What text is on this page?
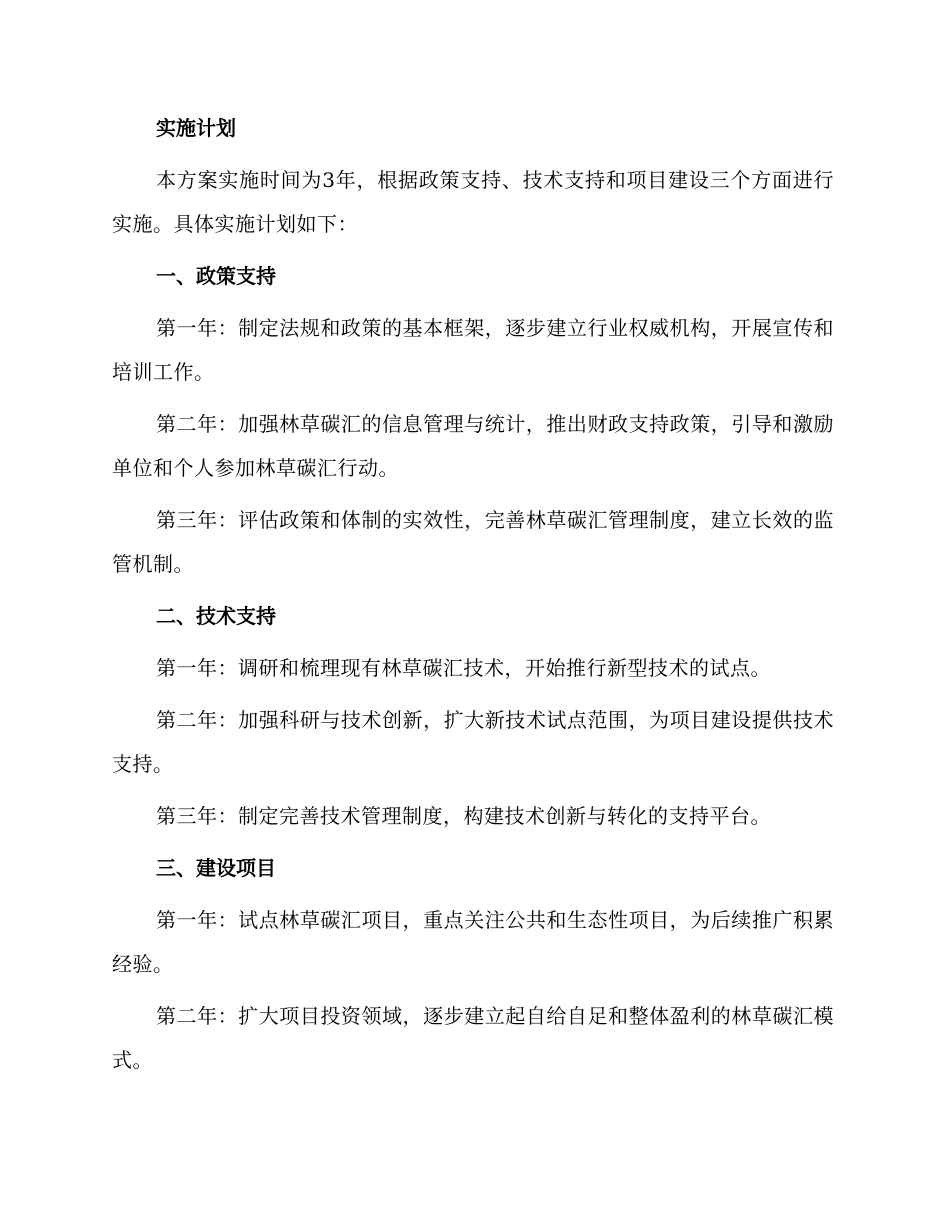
实施计划

本方案实施时间为3年，根据政策支持、技术支持和项目建设三个方面进行实施。具体实施计划如下：

一、政策支持

第一年：制定法规和政策的基本框架，逐步建立行业权威机构，开展宣传和培训工作。

第二年：加强林草碳汇的信息管理与统计，推出财政支持政策，引导和激励单位和个人参加林草碳汇行动。

第三年：评估政策和体制的实效性，完善林草碳汇管理制度，建立长效的监管机制。

二、技术支持

第一年：调研和梳理现有林草碳汇技术，开始推行新型技术的试点。

第二年：加强科研与技术创新，扩大新技术试点范围，为项目建设提供技术支持。

第三年：制定完善技术管理制度，构建技术创新与转化的支持平台。

三、建设项目

第一年：试点林草碳汇项目，重点关注公共和生态性项目，为后续推广积累经验。

第二年：扩大项目投资领域，逐步建立起自给自足和整体盈利的林草碳汇模式。
